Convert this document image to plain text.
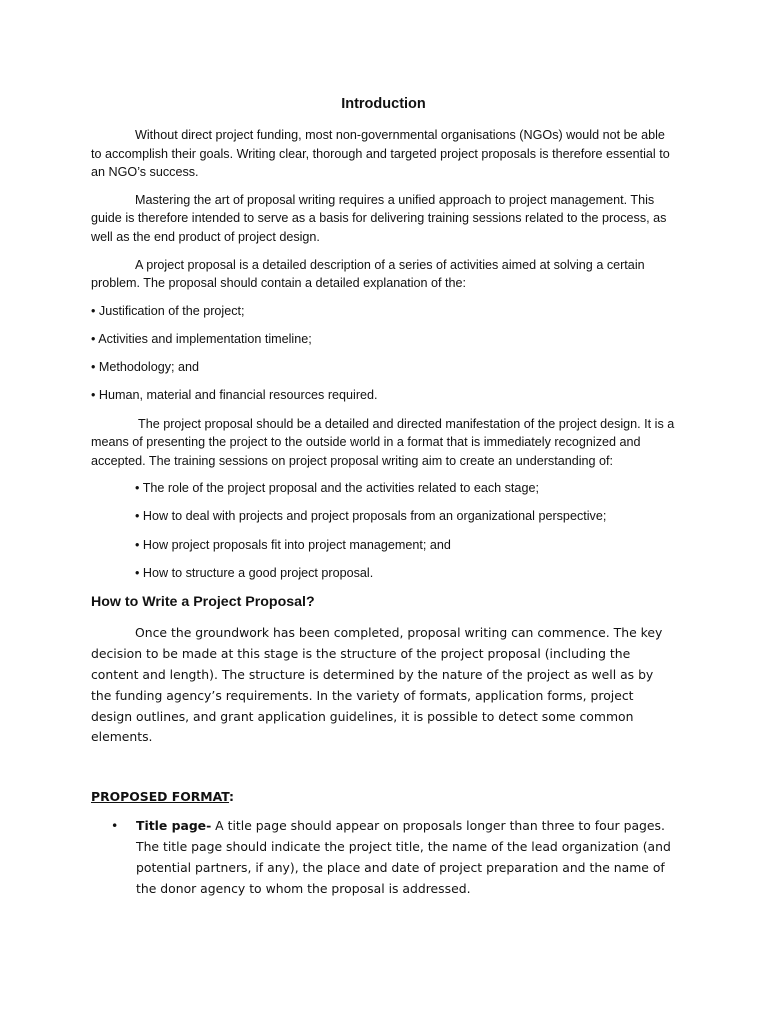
Introduction

Without direct project funding, most non-governmental organisations (NGOs) would not be able to accomplish their goals. Writing clear, thorough and targeted project proposals is therefore essential to an NGO’s success.

Mastering the art of proposal writing requires a unified approach to project management. This guide is therefore intended to serve as a basis for delivering training sessions related to the process, as well as the end product of project design.

A project proposal is a detailed description of a series of activities aimed at solving a certain problem. The proposal should contain a detailed explanation of the:

• Justification of the project;
• Activities and implementation timeline;
• Methodology; and
• Human, material and financial resources required.

The project proposal should be a detailed and directed manifestation of the project design. It is a means of presenting the project to the outside world in a format that is immediately recognized and accepted. The training sessions on project proposal writing aim to create an understanding of:

• The role of the project proposal and the activities related to each stage;
• How to deal with projects and project proposals from an organizational perspective;
• How project proposals fit into project management; and
• How to structure a good project proposal.
How to Write a Project Proposal?

Once the groundwork has been completed, proposal writing can commence. The key decision to be made at this stage is the structure of the project proposal (including the content and length). The structure is determined by the nature of the project as well as by the funding agency’s requirements. In the variety of formats, application forms, project design outlines, and grant application guidelines, it is possible to detect some common elements.

PROPOSED FORMAT:
• Title page- A title page should appear on proposals longer than three to four pages. The title page should indicate the project title, the name of the lead organization (and potential partners, if any), the place and date of project preparation and the name of the donor agency to whom the proposal is addressed.
